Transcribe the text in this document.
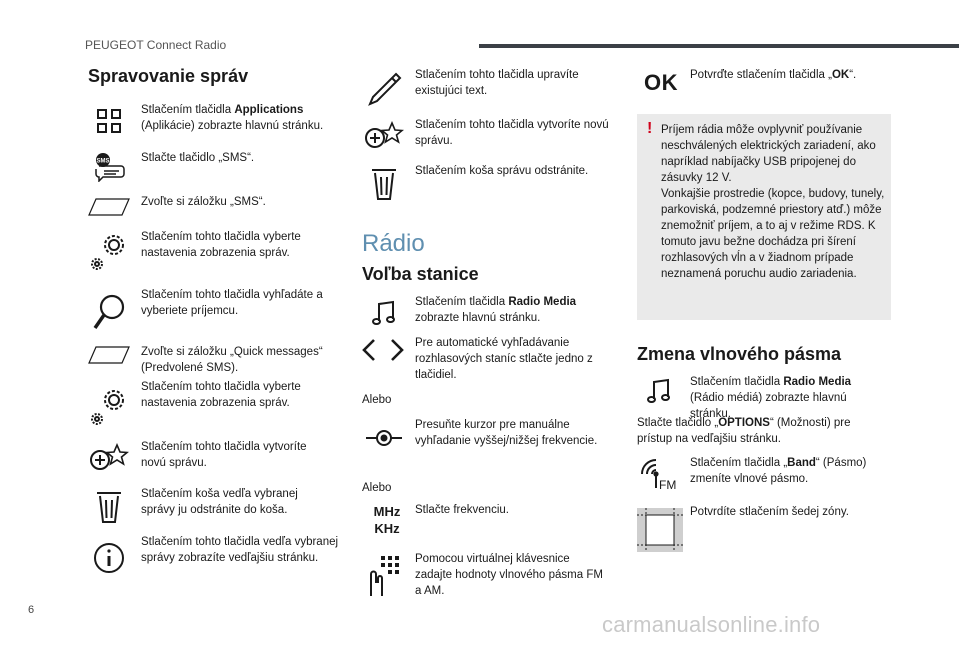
PEUGEOT Connect Radio
Spravovanie správ
Stlačením tlačidla Applications (Aplikácie) zobrazte hlavnú stránku.
SMS	Stlačte tlačidlo „SMS“.
Zvoľte si záložku „SMS“.
Stlačením tohto tlačidla vyberte nastavenia zobrazenia správ.
Stlačením tohto tlačidla vyhľadáte a vyberiete príjemcu.
Zvoľte si záložku „Quick messages“ (Predvolené SMS).
Stlačením tohto tlačidla vyberte nastavenia zobrazenia správ.
Stlačením tohto tlačidla vytvoríte novú správu.
Stlačením koša vedľa vybranej správy ju odstránite do koša.
Stlačením tohto tlačidla vedľa vybranej správy zobrazíte vedľajšiu stránku.
Stlačením tohto tlačidla upravíte existujúci text.
Stlačením tohto tlačidla vytvoríte novú správu.
Stlačením koša správu odstránite.
Rádio
Voľba stanice
Stlačením tlačidla Radio Media zobrazte hlavnú stránku.
Pre automatické vyhľadávanie rozhlasových staníc stlačte jedno z tlačidiel.
Alebo
Presuňte kurzor pre manuálne vyhľadanie vyššej/nižšej frekvencie.
Alebo
MHz
KHz
Stlačte frekvenciu.
Pomocou virtuálnej klávesnice zadajte hodnoty vlnového pásma FM a AM.
OK Potvrďte stlačením tlačidla „OK“.
! Príjem rádia môže ovplyvniť používanie neschválených elektrických zariadení, ako napríklad nabíjačky USB pripojenej do zásuvky 12 V.
Vonkajšie prostredie (kopce, budovy, tunely, parkoviská, podzemné priestory atď.) môže znemožniť príjem, a to aj v režime RDS. K tomuto javu bežne dochádza pri šírení rozhlasových vĺn a v žiadnom prípade neznamená poruchu audio zariadenia.
Zmena vlnového pásma
Stlačením tlačidla Radio Media (Rádio médiá) zobrazte hlavnú stránku.
Stlačte tlačidlo „OPTIONS“ (Možnosti) pre prístup na vedľajšiu stránku.
FM
Stlačením tlačidla „Band“ (Pásmo) zmeníte vlnové pásmo.
Potvrdíte stlačením šedej zóny.
6
carmanualsonline.info
